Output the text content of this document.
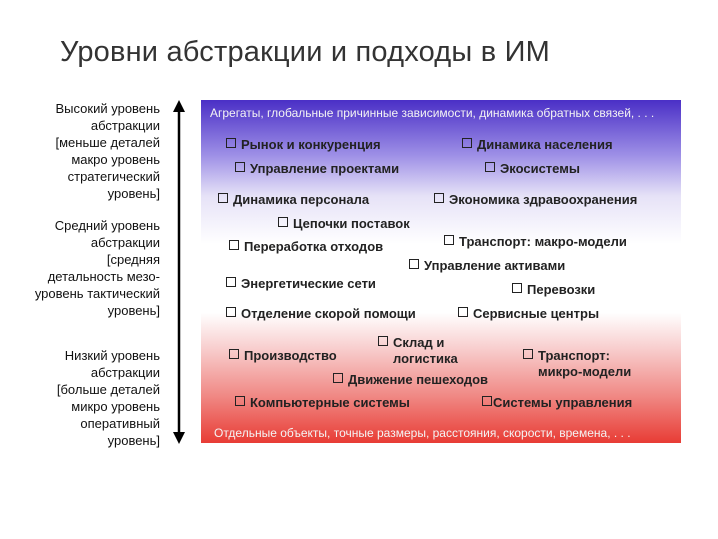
Уровни абстракции и подходы в ИМ
Высокий уровень
абстракции
[меньше деталей
макро уровень
стратегический
уровень]
Средний уровень
абстракции
[средняя
детальность мезо-
уровень тактический
уровень]
Низкий уровень
абстракции
[больше деталей
микро уровень
оперативный
уровень]
Агрегаты, глобальные причинные зависимости, динамика обратных связей, . . .
Рынок и конкуренция	Динамика населения
Управление проектами	Экосистемы
Динамика персонала	Экономика здравоохранения
Цепочки поставок
Переработка отходов	Транспорт: макро-модели
Управление активами
Энергетические сети	Перевозки
Отделение скорой помощи	Сервисные центры
Производство
Склад и
логистика	Транспорт:
микро-модели
Движение пешеходов
Компьютерные системы	Системы управления
Отдельные объекты, точные размеры, расстояния, скорости, времена, . . .
